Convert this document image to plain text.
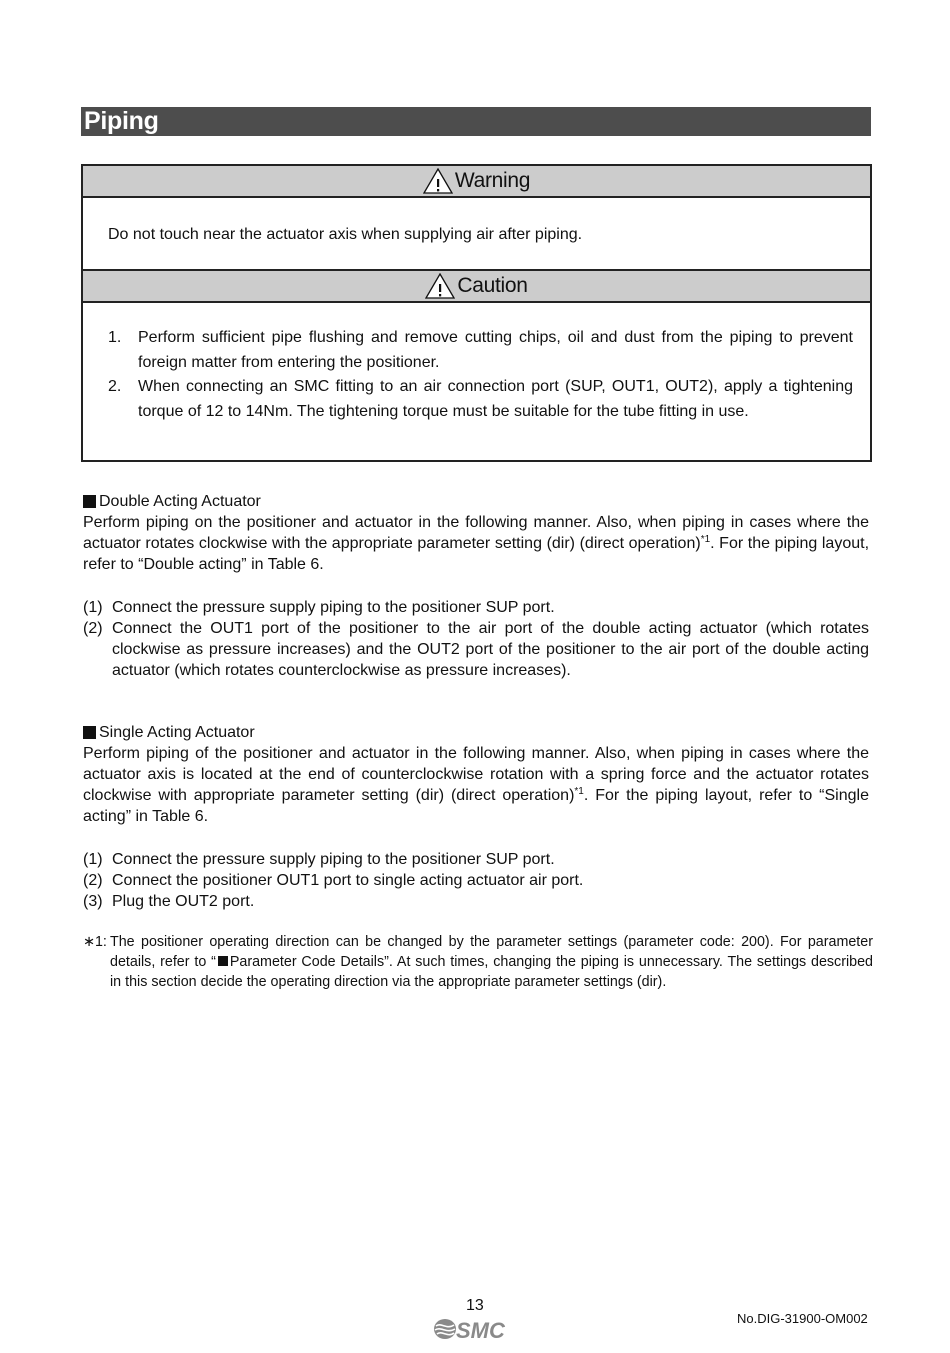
Piping
Warning
Do not touch near the actuator axis when supplying air after piping.
Caution
1.	Perform sufficient pipe flushing and remove cutting chips, oil and dust from the piping to prevent foreign matter from entering the positioner.
2.	When connecting an SMC fitting to an air connection port (SUP, OUT1, OUT2), apply a tightening torque of 12 to 14Nm. The tightening torque must be suitable for the tube fitting in use.
Double Acting Actuator
Perform piping on the positioner and actuator in the following manner. Also, when piping in cases where the actuator rotates clockwise with the appropriate parameter setting (dir) (direct operation)$^{*1}$. For the piping layout, refer to “Double acting” in Table 6.
(1) Connect the pressure supply piping to the positioner SUP port.
(2) Connect the OUT1 port of the positioner to the air port of the double acting actuator (which rotates clockwise as pressure increases) and the OUT2 port of the positioner to the air port of the double acting actuator (which rotates counterclockwise as pressure increases).
Single Acting Actuator
Perform piping of the positioner and actuator in the following manner. Also, when piping in cases where the actuator axis is located at the end of counterclockwise rotation with a spring force and the actuator rotates clockwise with appropriate parameter setting (dir) (direct operation)$^{*1}$. For the piping layout, refer to “Single acting” in Table 6.
(1) Connect the pressure supply piping to the positioner SUP port.
(2) Connect the positioner OUT1 port to single acting actuator air port.
(3) Plug the OUT2 port.
∗1: The positioner operating direction can be changed by the parameter settings (parameter code: 200). For parameter details, refer to “ Parameter Code Details”. At such times, changing the piping is unnecessary. The settings described in this section decide the operating direction via the appropriate parameter settings (dir).
13
SMC	No.DIG-31900-OM002
